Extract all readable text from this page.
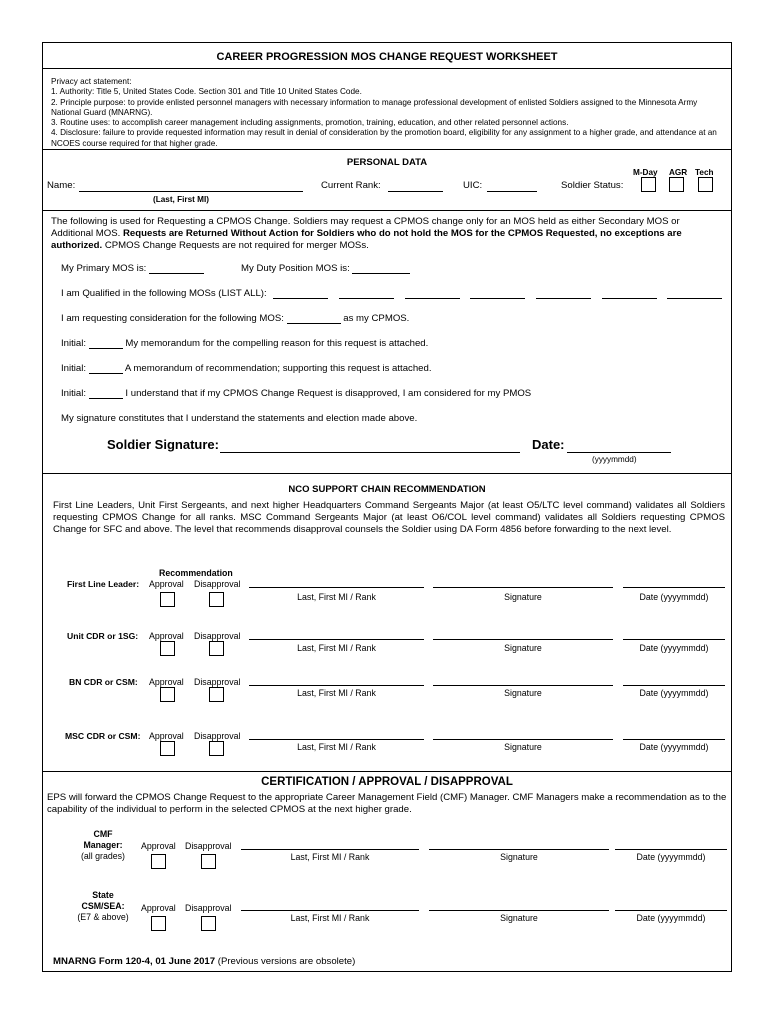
CAREER PROGRESSION MOS CHANGE REQUEST WORKSHEET
Privacy act statement:
1. Authority: Title 5, United States Code. Section 301 and Title 10 United States Code.
2. Principle purpose: to provide enlisted personnel managers with necessary information to manage professional development of enlisted Soldiers assigned to the Minnesota Army National Guard (MNARNG).
3. Routine uses: to accomplish career management including assignments, promotion, training, education, and other related personnel actions.
4. Disclosure: failure to provide requested information may result in denial of consideration by the promotion board, eligibility for any assignment to a higher grade, and attendance at an NCOES course required for that higher grade.
PERSONAL DATA
M-Day AGR Tech
Name:
(Last, First MI)
Current Rank:	UIC:	Soldier Status:
The following is used for Requesting a CPMOS Change. Soldiers may request a CPMOS change only for an MOS held as either Secondary MOS or Additional MOS. Requests are Returned Without Action for Soldiers who do not hold the MOS for the CPMOS Requested, no exceptions are authorized. CPMOS Change Requests are not required for merger MOSs.
My Primary MOS is:	My Duty Position MOS is:
I am Qualified in the following MOSs (LIST ALL):
I am requesting consideration for the following MOS:	as my CPMOS.
Initial:	My memorandum for the compelling reason for this request is attached.
Initial:	A memorandum of recommendation; supporting this request is attached.
Initial:	I understand that if my CPMOS Change Request is disapproved, I am considered for my PMOS
My signature constitutes that I understand the statements and election made above.
Soldier Signature:	Date:
(yyyymmdd)
NCO SUPPORT CHAIN RECOMMENDATION
First Line Leaders, Unit First Sergeants, and next higher Headquarters Command Sergeants Major (at least O5/LTC level command) validates all Soldiers requesting CPMOS Change for all ranks. MSC Command Sergeants Major (at least O6/COL level command) validates all Soldiers requesting CPMOS Change for SFC and above. The level that recommends disapproval counsels the Soldier using DA Form 4856 before forwarding to the next level.
Recommendation
First Line Leader: Approval Disapproval
Last, First MI / Rank	Signature	Date (yyyymmdd)
Unit CDR or 1SG: Approval Disapproval
Last, First MI / Rank	Signature	Date (yyyymmdd)
BN CDR or CSM: Approval Disapproval
Last, First MI / Rank	Signature	Date (yyyymmdd)
MSC CDR or CSM: Approval Disapproval
Last, First MI / Rank	Signature	Date (yyyymmdd)
CERTIFICATION / APPROVAL / DISAPPROVAL
EPS will forward the CPMOS Change Request to the appropriate Career Management Field (CMF) Manager. CMF Managers make a recommendation as to the capability of the individual to perform in the selected CPMOS at the next higher grade.
CMF
Manager:
(all grades)
Approval Disapproval
Last, First MI / Rank	Signature	Date (yyyymmdd)
State
CSM/SEA:
(E7 & above)
Approval Disapproval
Last, First MI / Rank	Signature	Date (yyyymmdd)
MNARNG Form 120-4, 01 June 2017 (Previous versions are obsolete)
